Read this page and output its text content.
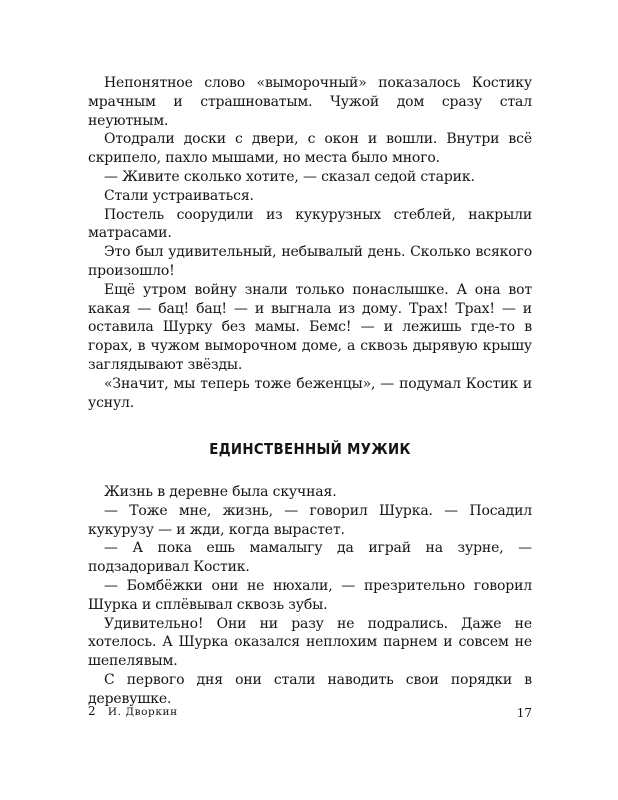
Непонятное слово «выморочный» показалось Костику мрачным и страшноватым. Чужой дом сразу стал неуютным.

Отодрали доски с двери, с окон и вошли. Внутри всё скрипело, пахло мышами, но места было много.

— Живите сколько хотите, — сказал седой старик.

Стали устраиваться.

Постель соорудили из кукурузных стеблей, накрыли матрасами.

Это был удивительный, небывалый день. Сколько всякого произошло!

Ещё утром войну знали только понаслышке. А она вот какая — бац! бац! — и выгнала из дому. Трах! Трах! — и оставила Шурку без мамы. Бемс! — и лежишь где-то в горах, в чужом выморочном доме, а сквозь дырявую крышу заглядывают звёзды.

«Значит, мы теперь тоже беженцы», — подумал Костик и уснул.

ЕДИНСТВЕННЫЙ МУЖИК

Жизнь в деревне была скучная.

— Тоже мне, жизнь, — говорил Шурка. — Посадил кукурузу — и жди, когда вырастет.

— А пока ешь мамалыгу да играй на зурне, — подзадоривал Костик.

— Бомбёжки они не нюхали, — презрительно говорил Шурка и сплёвывал сквозь зубы.

Удивительно! Они ни разу не подрались. Даже не хотелось. А Шурка оказался неплохим парнем и совсем не шепелявым.

С первого дня они стали наводить свои порядки в деревушке.

2 И. Дворкин	17
